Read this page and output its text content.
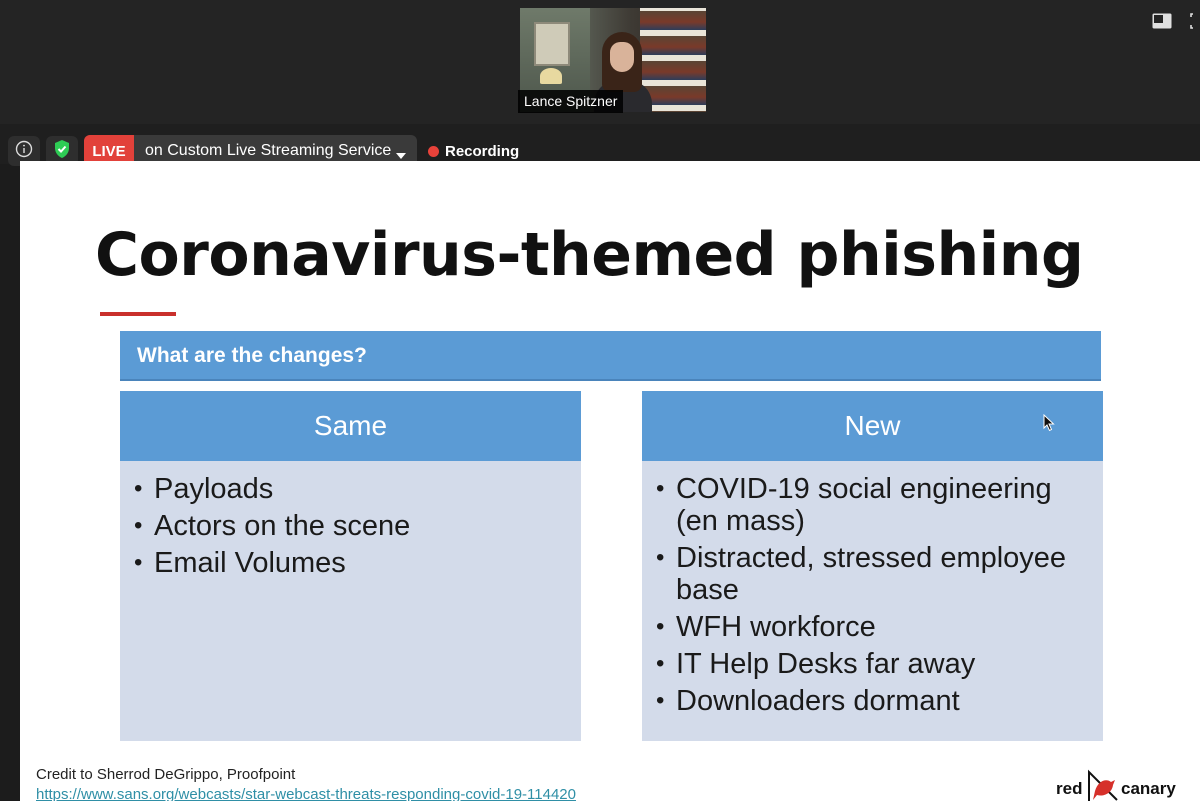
Lance Spitzner
LIVE	on Custom Live Streaming Service	Recording
Coronavirus-themed phishing
What are the changes?
Same
• Payloads
• Actors on the scene
• Email Volumes
New
• COVID-19 social engineering (en mass)
• Distracted, stressed employee base
• WFH workforce
• IT Help Desks far away
• Downloaders dormant
Credit to Sherrod DeGrippo, Proofpoint
https://www.sans.org/webcasts/star-webcast-threats-responding-covid-19-114420	red canary
